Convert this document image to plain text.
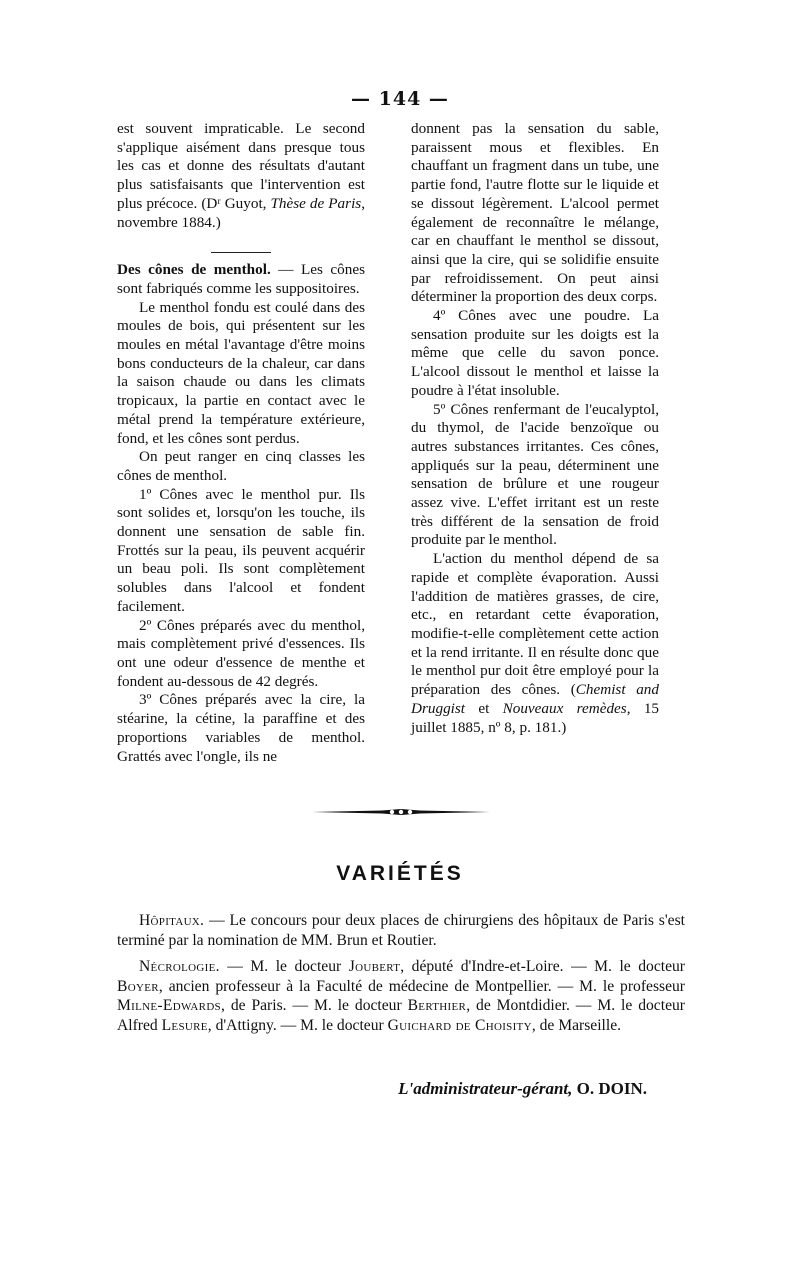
— 144 —

est souvent impraticable. Le second s'applique aisément dans presque tous les cas et donne des résultats d'autant plus satisfaisants que l'intervention est plus précoce. (Dʳ Guyot, Thèse de Paris, novembre 1884.)

Des cônes de menthol. — Les cônes sont fabriqués comme les suppositoires.

Le menthol fondu est coulé dans des moules de bois, qui présentent sur les moules en métal l'avantage d'être moins bons conducteurs de la chaleur, car dans la saison chaude ou dans les climats tropicaux, la partie en contact avec le métal prend la température extérieure, fond, et les cônes sont perdus.

On peut ranger en cinq classes les cônes de menthol.

1º Cônes avec le menthol pur. Ils sont solides et, lorsqu'on les touche, ils donnent une sensation de sable fin. Frottés sur la peau, ils peuvent acquérir un beau poli. Ils sont complètement solubles dans l'alcool et fondent facilement.

2º Cônes préparés avec du menthol, mais complètement privé d'essences. Ils ont une odeur d'essence de menthe et fondent au-dessous de 42 degrés.

3º Cônes préparés avec la cire, la stéarine, la cétine, la paraffine et des proportions variables de menthol. Grattés avec l'ongle, ils ne

donnent pas la sensation du sable, paraissent mous et flexibles. En chauffant un fragment dans un tube, une partie fond, l'autre flotte sur le liquide et se dissout légèrement. L'alcool permet également de reconnaître le mélange, car en chauffant le menthol se dissout, ainsi que la cire, qui se solidifie ensuite par refroidissement. On peut ainsi déterminer la proportion des deux corps.

4º Cônes avec une poudre. La sensation produite sur les doigts est la même que celle du savon ponce. L'alcool dissout le menthol et laisse la poudre à l'état insoluble.

5º Cônes renfermant de l'eucalyptol, du thymol, de l'acide benzoïque ou autres substances irritantes. Ces cônes, appliqués sur la peau, déterminent une sensation de brûlure et une rougeur assez vive. L'effet irritant est un reste très différent de la sensation de froid produite par le menthol.

L'action du menthol dépend de sa rapide et complète évaporation. Aussi l'addition de matières grasses, de cire, etc., en retardant cette évaporation, modifie-t-elle complètement cette action et la rend irritante. Il en résulte donc que le menthol pur doit être employé pour la préparation des cônes. (Chemist and Druggist et Nouveaux remèdes, 15 juillet 1885, nº 8, p. 181.)

VARIÉTÉS

Hôpitaux. — Le concours pour deux places de chirurgiens des hôpitaux de Paris s'est terminé par la nomination de MM. Brun et Routier.

Nécrologie. — M. le docteur Joubert, député d'Indre-et-Loire. — M. le docteur Boyer, ancien professeur à la Faculté de médecine de Montpellier. — M. le professeur Milne-Edwards, de Paris. — M. le docteur Berthier, de Montdidier. — M. le docteur Alfred Lesure, d'Attigny. — M. le docteur Guichard de Choisity, de Marseille.

L'administrateur-gérant, O. DOIN.
